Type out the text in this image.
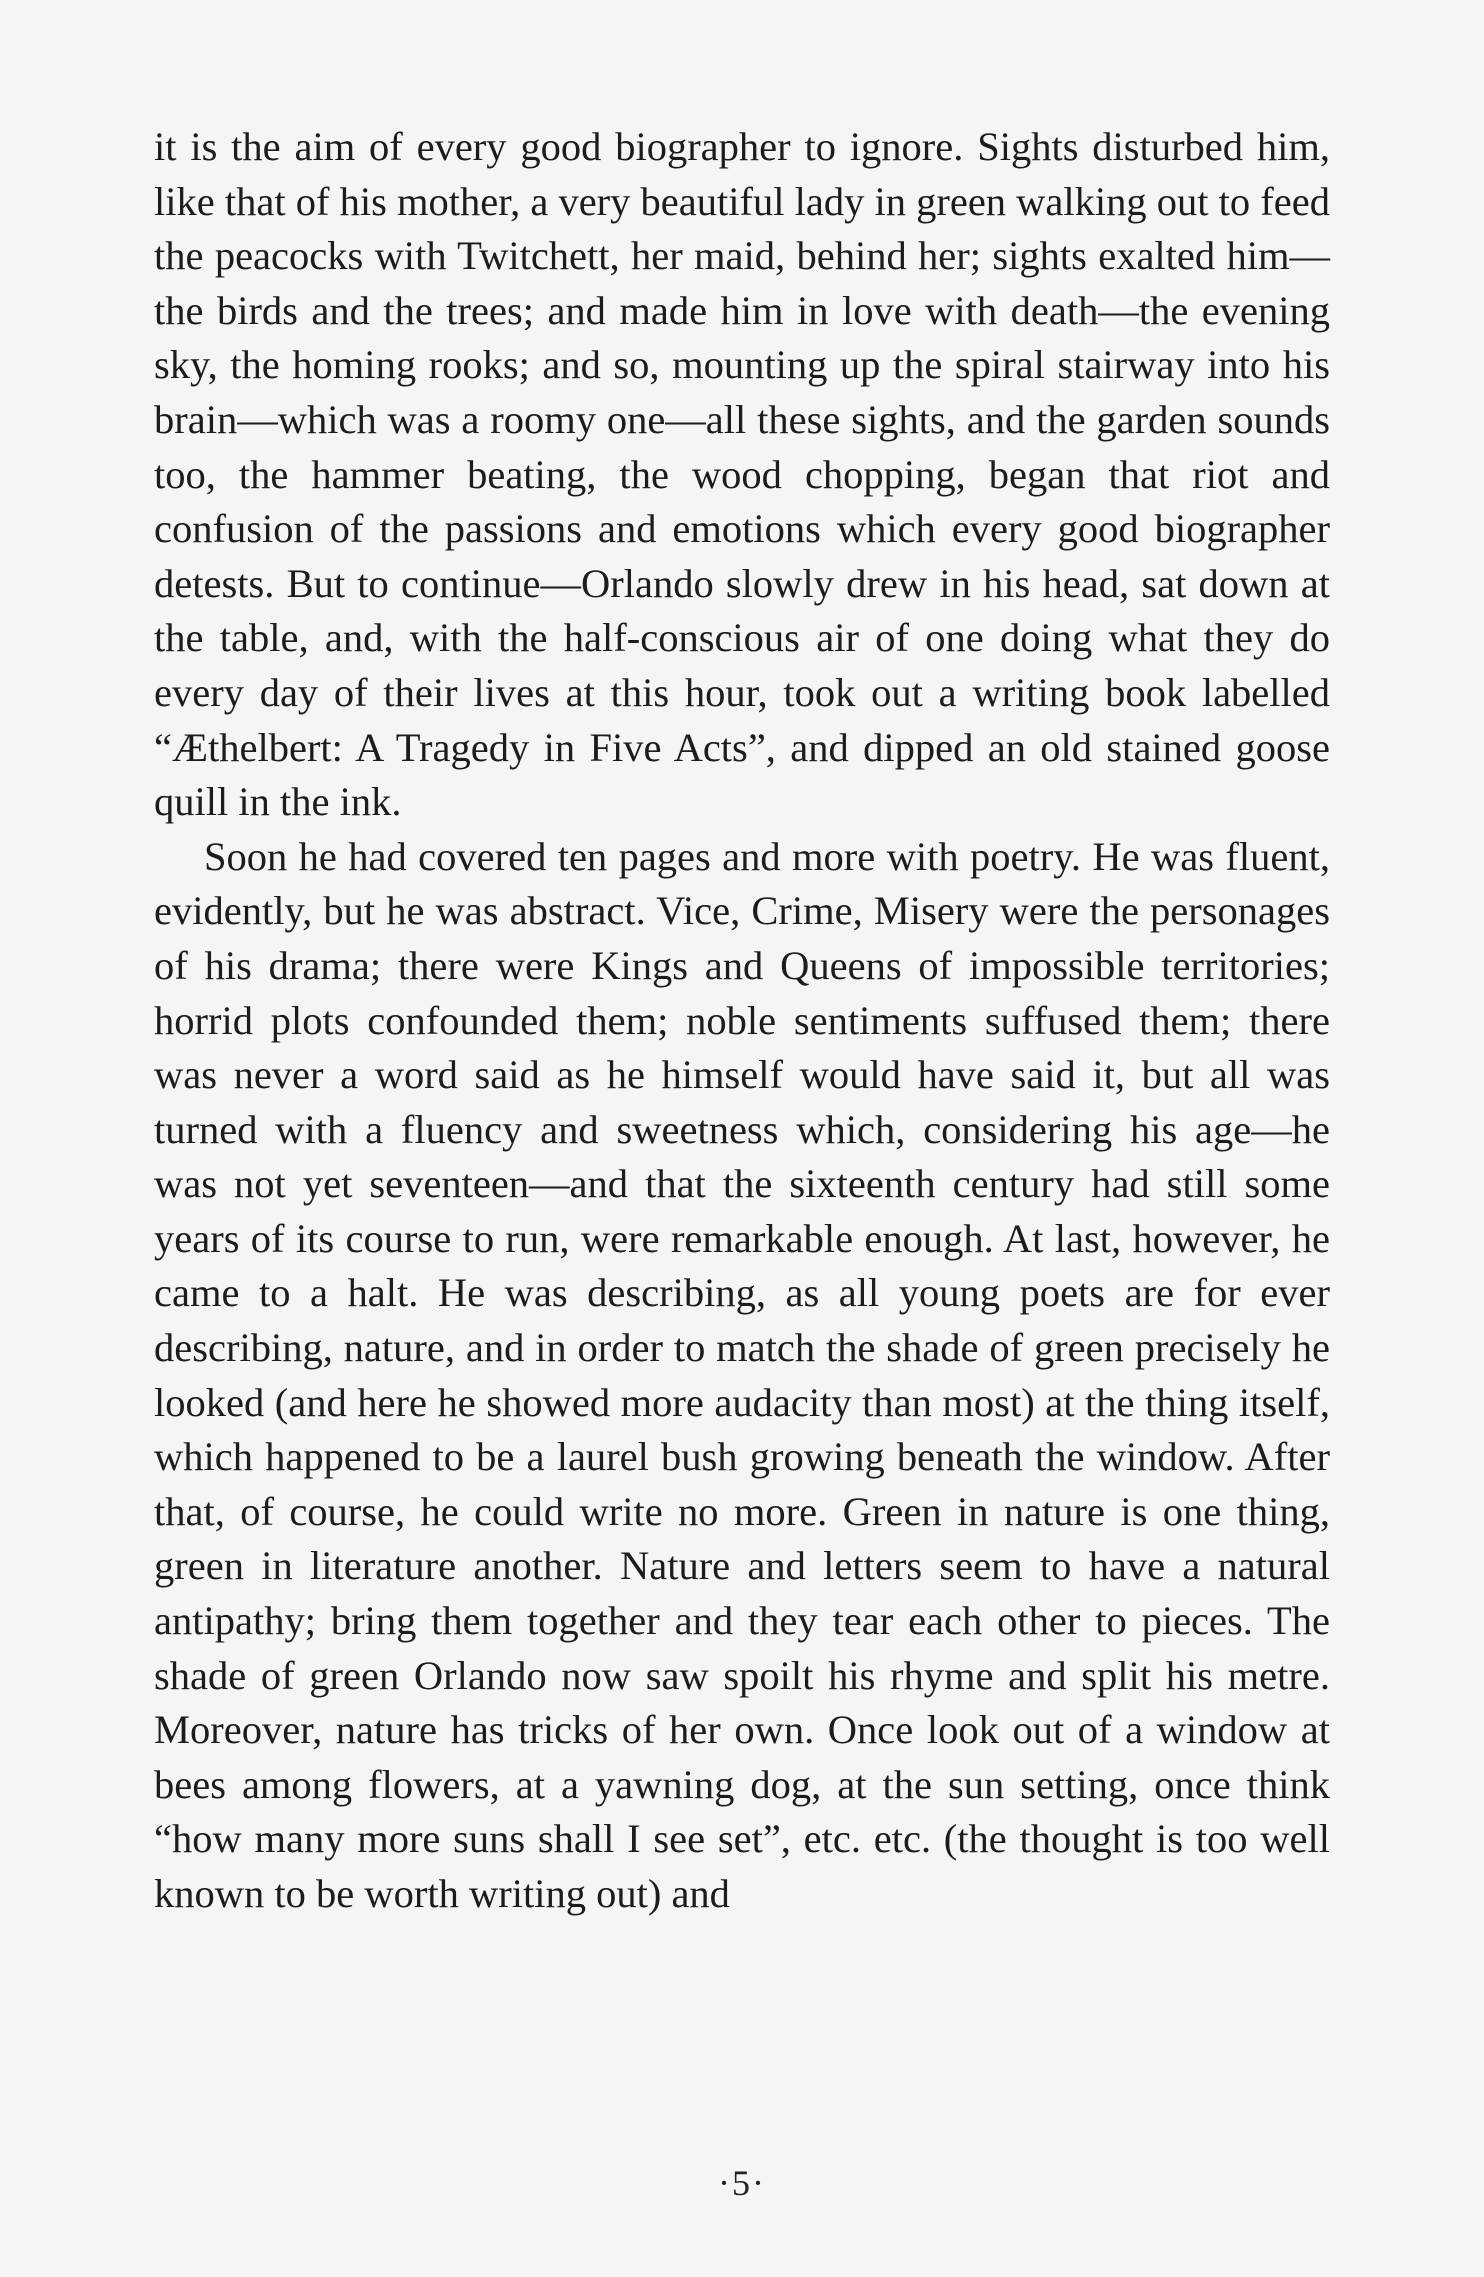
it is the aim of every good biographer to ignore. Sights disturbed him, like that of his mother, a very beautiful lady in green walking out to feed the peacocks with Twitchett, her maid, behind her; sights exalted him—the birds and the trees; and made him in love with death—the evening sky, the homing rooks; and so, mounting up the spiral stairway into his brain—which was a roomy one—all these sights, and the garden sounds too, the hammer beating, the wood chopping, began that riot and confusion of the passions and emotions which every good biographer detests. But to continue—Orlando slowly drew in his head, sat down at the table, and, with the half-conscious air of one doing what they do every day of their lives at this hour, took out a writing book labelled “Æthelbert: A Tragedy in Five Acts”, and dipped an old stained goose quill in the ink.

Soon he had covered ten pages and more with poetry. He was fluent, evidently, but he was abstract. Vice, Crime, Misery were the personages of his drama; there were Kings and Queens of impossible territories; horrid plots confounded them; noble sentiments suffused them; there was never a word said as he himself would have said it, but all was turned with a fluency and sweetness which, considering his age—he was not yet seventeen—and that the sixteenth century had still some years of its course to run, were remarkable enough. At last, however, he came to a halt. He was describing, as all young poets are for ever describing, nature, and in order to match the shade of green precisely he looked (and here he showed more audacity than most) at the thing itself, which happened to be a laurel bush growing beneath the window. After that, of course, he could write no more. Green in nature is one thing, green in literature another. Nature and letters seem to have a natural antipathy; bring them together and they tear each other to pieces. The shade of green Orlando now saw spoilt his rhyme and split his metre. Moreover, nature has tricks of her own. Once look out of a window at bees among flowers, at a yawning dog, at the sun setting, once think “how many more suns shall I see set”, etc. etc. (the thought is too well known to be worth writing out) and

·5·
